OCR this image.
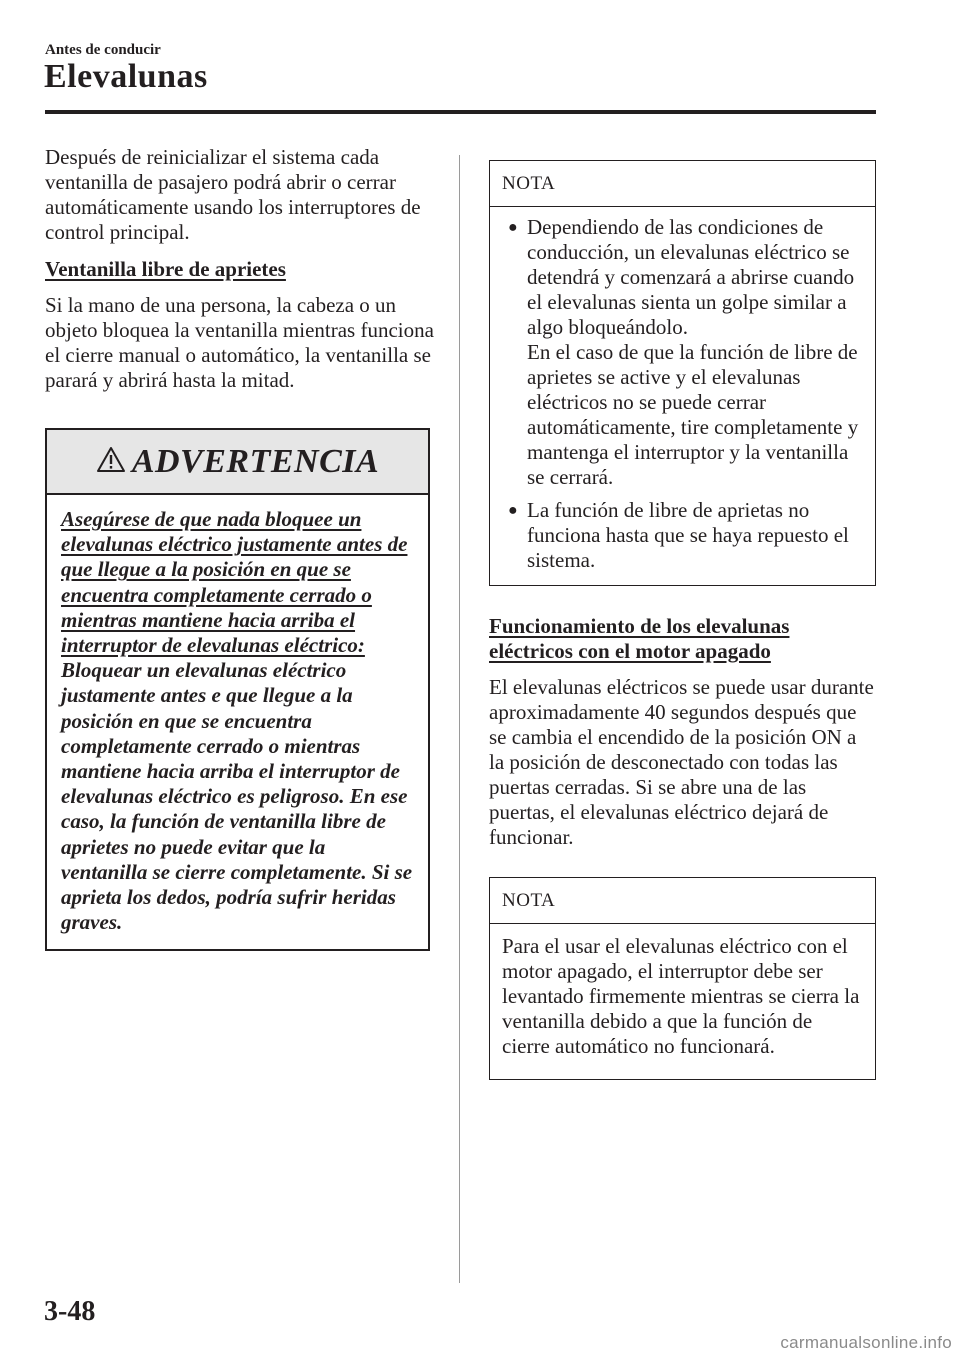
Antes de conducir
Elevalunas

Después de reinicializar el sistema cada ventanilla de pasajero podrá abrir o cerrar automáticamente usando los interruptores de control principal.

Ventanilla libre de aprietes

Si la mano de una persona, la cabeza o un objeto bloquea la ventanilla mientras funciona el cierre manual o automático, la ventanilla se parará y abrirá hasta la mitad.

ADVERTENCIA

Asegúrese de que nada bloquee un elevalunas eléctrico justamente antes de que llegue a la posición en que se encuentra completamente cerrado o mientras mantiene hacia arriba el interruptor de elevalunas eléctrico:

Bloquear un elevalunas eléctrico justamente antes e que llegue a la posición en que se encuentra completamente cerrado o mientras mantiene hacia arriba el interruptor de elevalunas eléctrico es peligroso. En ese caso, la función de ventanilla libre de aprietes no puede evitar que la ventanilla se cierre completamente. Si se aprieta los dedos, podría sufrir heridas graves.

NOTA
● Dependiendo de las condiciones de conducción, un elevalunas eléctrico se detendrá y comenzará a abrirse cuando el elevalunas sienta un golpe similar a algo bloqueándolo.

En el caso de que la función de libre de aprietes se active y el elevalunas eléctricos no se puede cerrar automáticamente, tire completamente y mantenga el interruptor y la ventanilla se cerrará.

● La función de libre de aprietas no funciona hasta que se haya repuesto el sistema.

Funcionamiento de los elevalunas eléctricos con el motor apagado

El elevalunas eléctricos se puede usar durante aproximadamente 40 segundos después que se cambia el encendido de la posición ON a la posición de desconectado con todas las puertas cerradas. Si se abre una de las puertas, el elevalunas eléctrico dejará de funcionar.

NOTA

Para el usar el elevalunas eléctrico con el motor apagado, el interruptor debe ser levantado firmemente mientras se cierra la ventanilla debido a que la función de cierre automático no funcionará.

3-48
carmanualsonline.info
